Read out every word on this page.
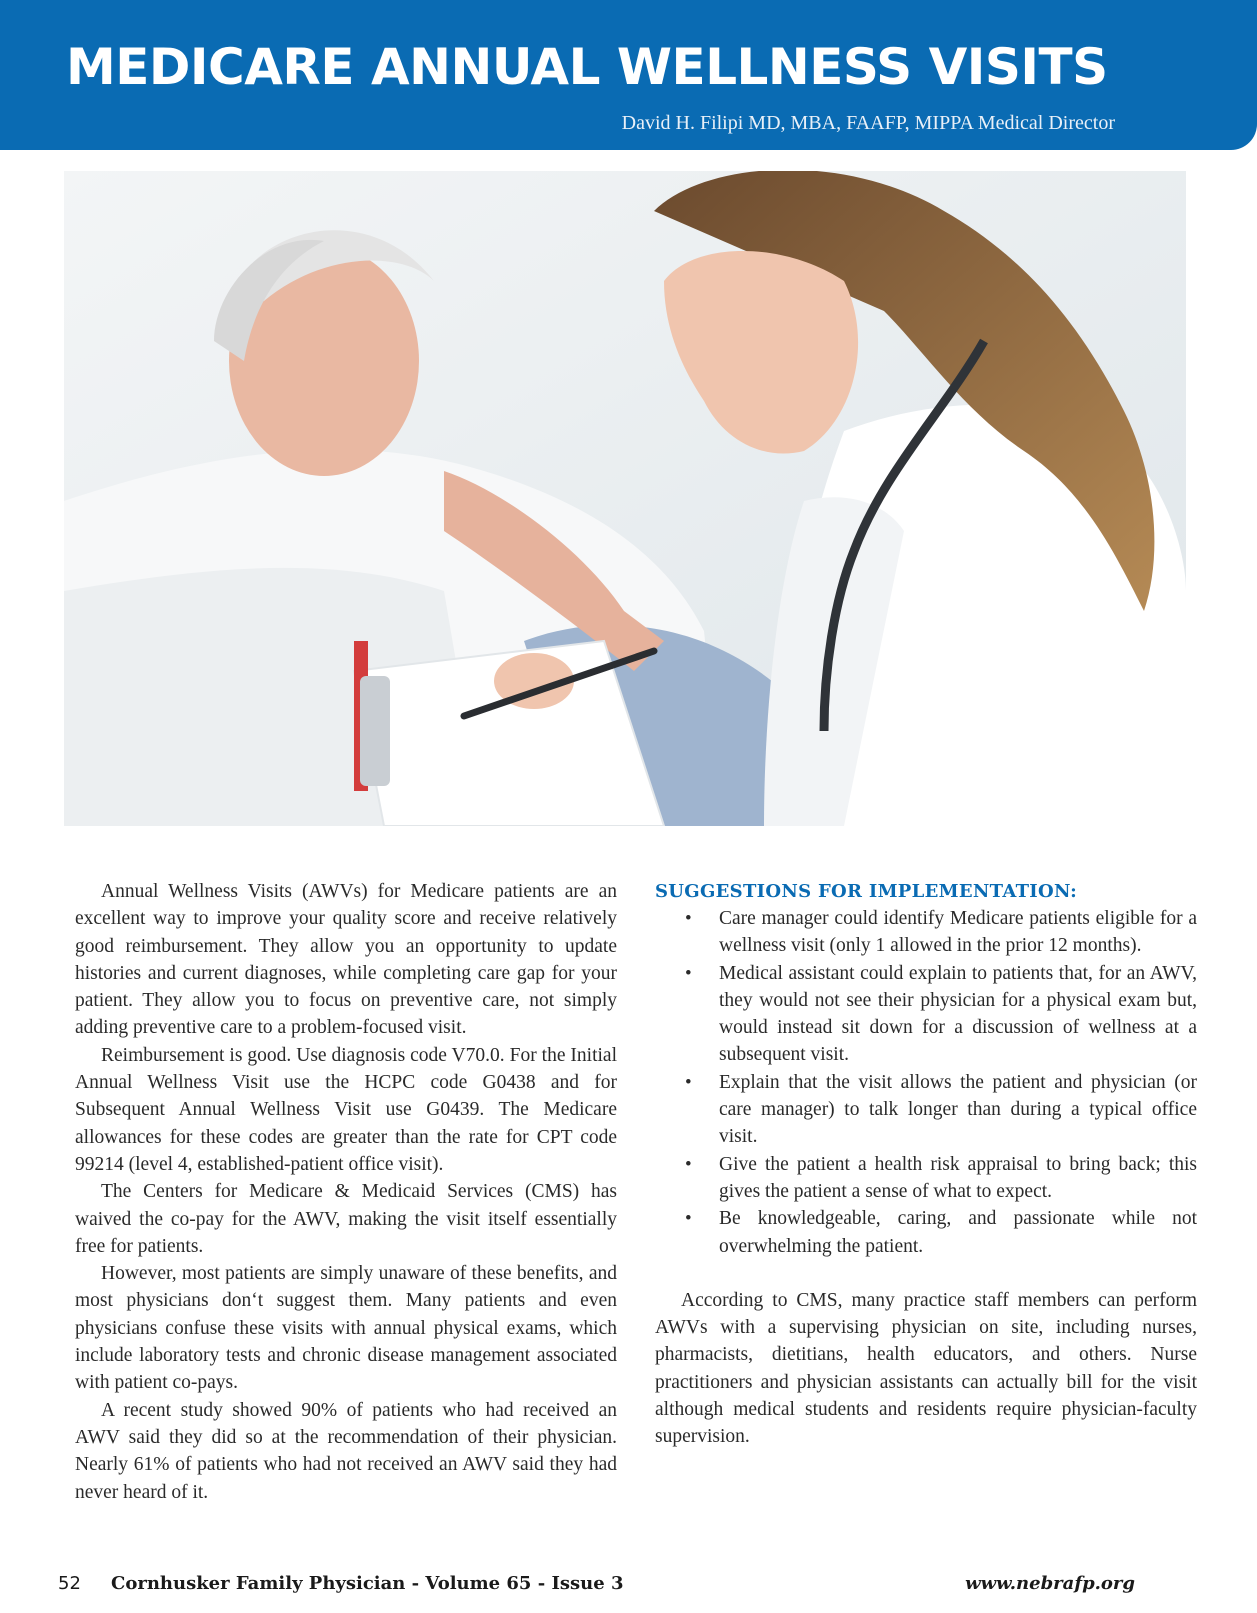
MEDICARE ANNUAL WELLNESS VISITS
David H. Filipi MD, MBA, FAAFP, MIPPA Medical Director

Annual Wellness Visits (AWVs) for Medicare patients are an excellent way to improve your quality score and receive relatively good reimbursement. They allow you an opportunity to update histories and current diagnoses, while completing care gap for your patient. They allow you to focus on preventive care, not simply adding preventive care to a problem-focused visit.

Reimbursement is good. Use diagnosis code V70.0. For the Initial Annual Wellness Visit use the HCPC code G0438 and for Subsequent Annual Wellness Visit use G0439. The Medicare allowances for these codes are greater than the rate for CPT code 99214 (level 4, established-patient office visit).

The Centers for Medicare & Medicaid Services (CMS) has waived the co-pay for the AWV, making the visit itself essentially free for patients.

However, most patients are simply unaware of these benefits, and most physicians don‘t suggest them. Many patients and even physicians confuse these visits with annual physical exams, which include laboratory tests and chronic disease management associated with patient co-pays.

A recent study showed 90% of patients who had received an AWV said they did so at the recommendation of their physician. Nearly 61% of patients who had not received an AWV said they had never heard of it.

SUGGESTIONS FOR IMPLEMENTATION:
• Care manager could identify Medicare patients eligible for a wellness visit (only 1 allowed in the prior 12 months).
• Medical assistant could explain to patients that, for an AWV, they would not see their physician for a physical exam but, would instead sit down for a discussion of wellness at a subsequent visit.
• Explain that the visit allows the patient and physician (or care manager) to talk longer than during a typical office visit.
• Give the patient a health risk appraisal to bring back; this gives the patient a sense of what to expect.
• Be knowledgeable, caring, and passionate while not overwhelming the patient.

According to CMS, many practice staff members can perform AWVs with a supervising physician on site, including nurses, pharmacists, dietitians, health educators, and others. Nurse practitioners and physician assistants can actually bill for the visit although medical students and residents require physician-faculty supervision.

52 Cornhusker Family Physician - Volume 65 - Issue 3	www.nebrafp.org
